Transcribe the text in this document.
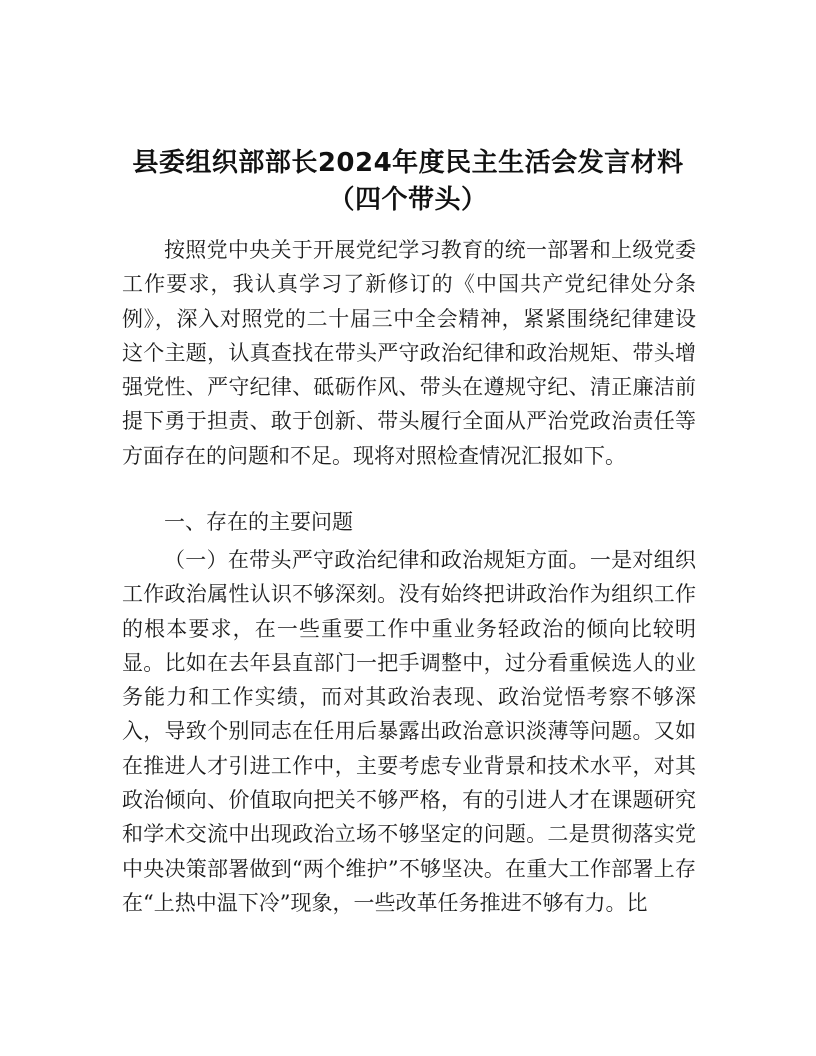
县委组织部部长2024年度民主生活会发言材料
（四个带头）

按照党中央关于开展党纪学习教育的统一部署和上级党委工作要求，我认真学习了新修订的《中国共产党纪律处分条例》，深入对照党的二十届三中全会精神，紧紧围绕纪律建设这个主题，认真查找在带头严守政治纪律和政治规矩、带头增强党性、严守纪律、砥砺作风、带头在遵规守纪、清正廉洁前提下勇于担责、敢于创新、带头履行全面从严治党政治责任等方面存在的问题和不足。现将对照检查情况汇报如下。

一、存在的主要问题

（一）在带头严守政治纪律和政治规矩方面。一是对组织工作政治属性认识不够深刻。没有始终把讲政治作为组织工作的根本要求，在一些重要工作中重业务轻政治的倾向比较明显。比如在去年县直部门一把手调整中，过分看重候选人的业务能力和工作实绩，而对其政治表现、政治觉悟考察不够深入，导致个别同志在任用后暴露出政治意识淡薄等问题。又如在推进人才引进工作中，主要考虑专业背景和技术水平，对其政治倾向、价值取向把关不够严格，有的引进人才在课题研究和学术交流中出现政治立场不够坚定的问题。二是贯彻落实党中央决策部署做到“两个维护”不够坚决。在重大工作部署上存在“上热中温下冷”现象，一些改革任务推进不够有力。比
